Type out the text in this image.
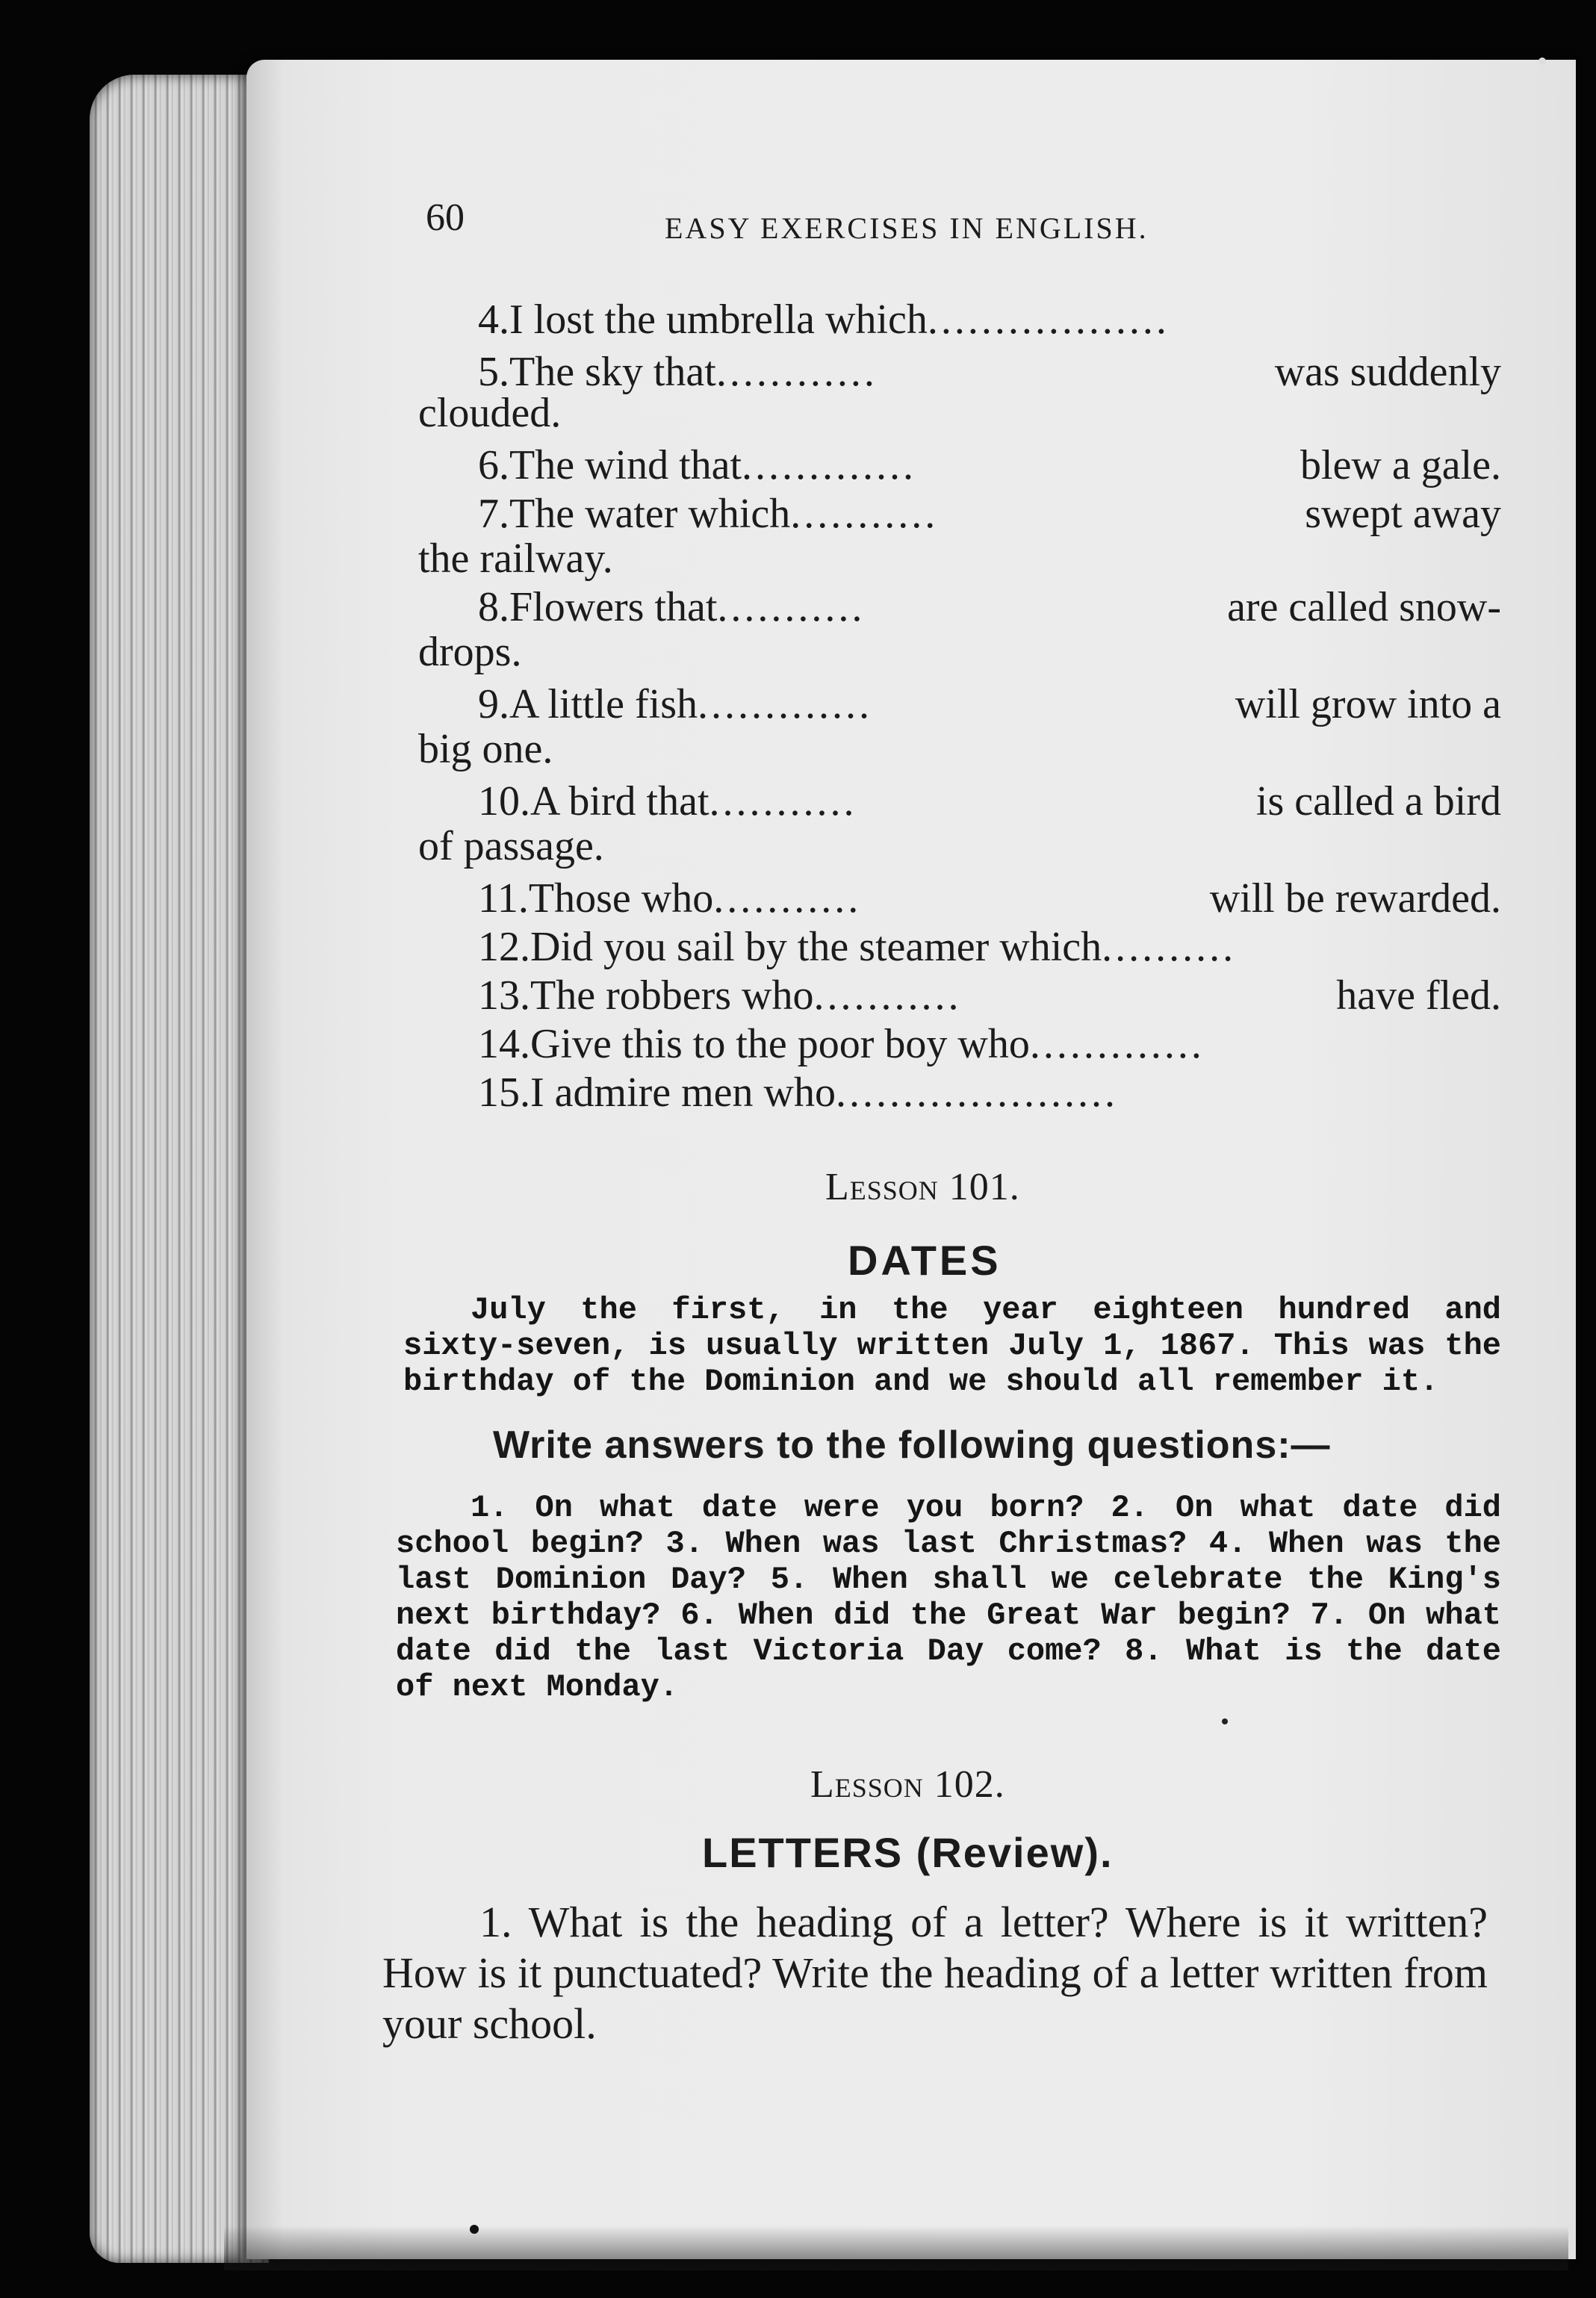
60	EASY EXERCISES IN ENGLISH.
4.I lost the umbrella which..................
5.The sky that............	was suddenly
clouded.
6.The wind that.............	blew a gale.
7.The water which...........	swept away
the railway.
8.Flowers that...........	are called snow-
drops.
9.A little fish.............	will grow into a
big one.
10.A bird that...........	is called a bird
of passage.
11.Those who...........	will be rewarded.
12.Did you sail by the steamer which..........
13.The robbers who...........	have fled.
14.Give this to the poor boy who.............
15.I admire men who.....................
Lesson 101.
DATES
July the first, in the year eighteen hundred and sixty-seven, is usually written July 1, 1867. This was the birthday of the Dominion and we should all remember it.
Write answers to the following questions:—
1. On what date were you born? 2. On what date did school begin? 3. When was last Christmas? 4. When was the last Dominion Day? 5. When shall we celebrate the King's next birthday? 6. When did the Great War begin? 7. On what date did the last Victoria Day come? 8. What is the date of next Monday.
Lesson 102.
LETTERS (Review).
1. What is the heading of a letter? Where is it written? How is it punctuated? Write the heading of a letter written from your school.
